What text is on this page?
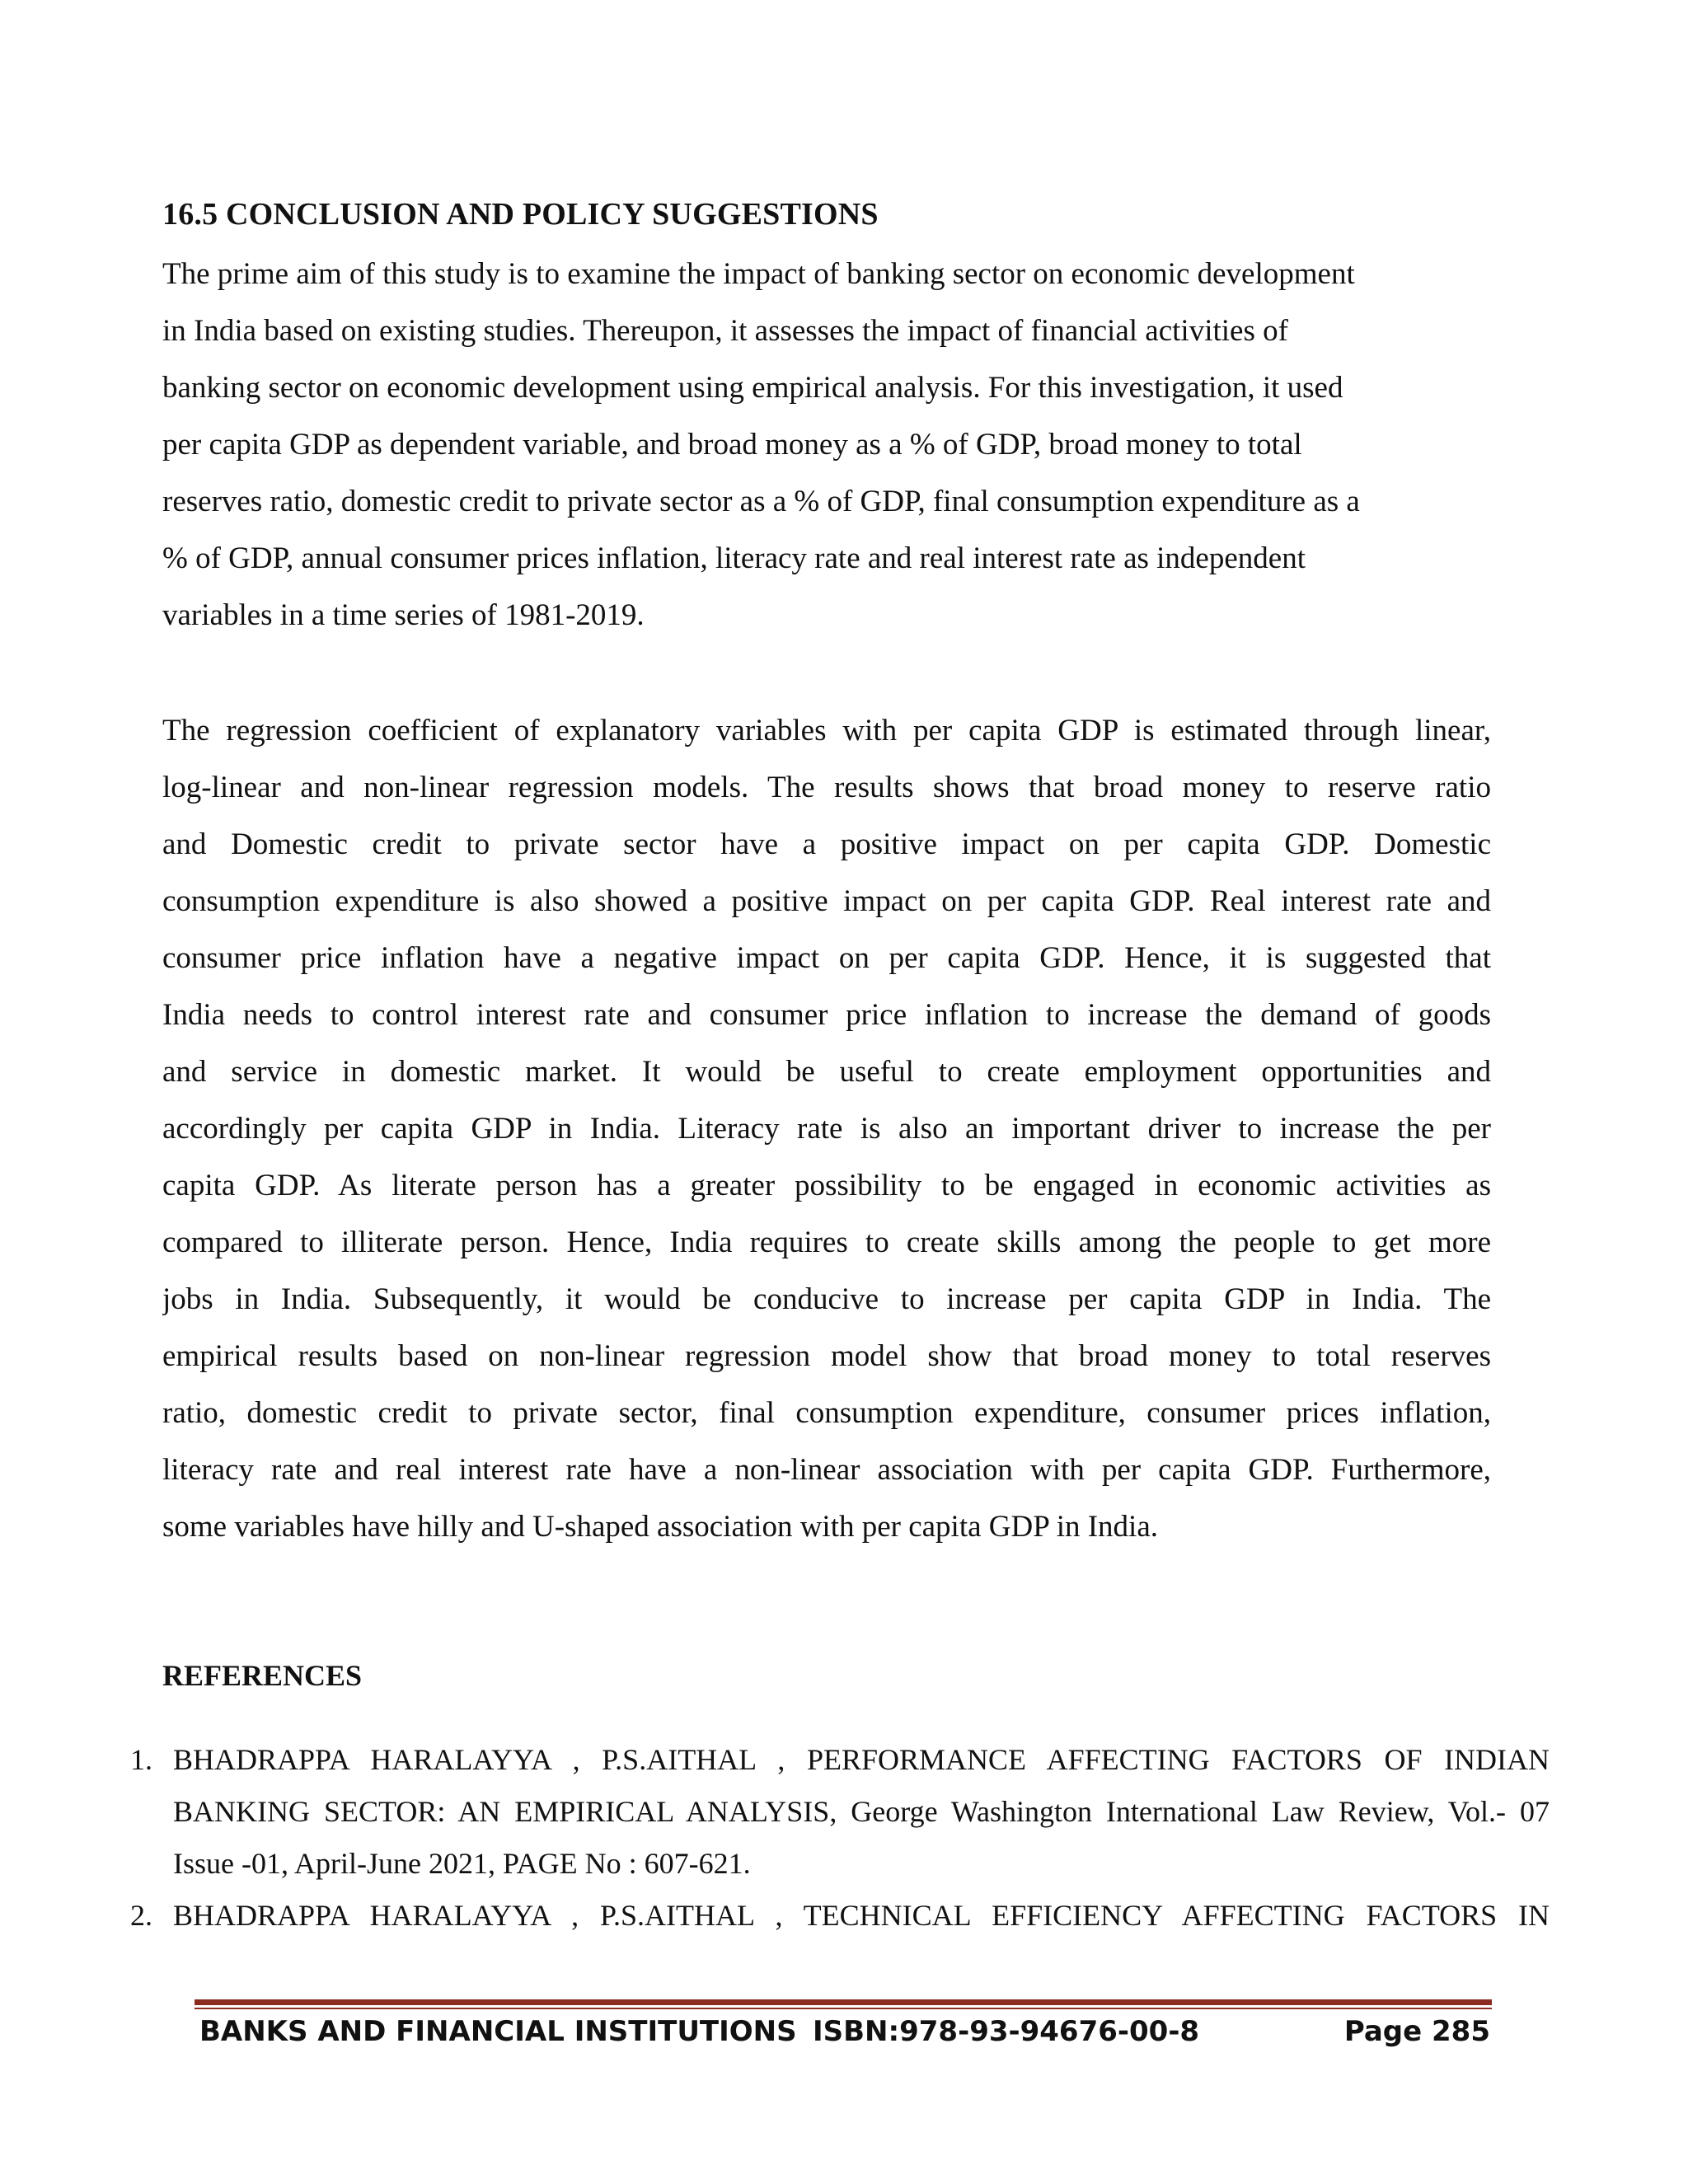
16.5 CONCLUSION AND POLICY SUGGESTIONS

The prime aim of this study is to examine the impact of banking sector on economic development
in India based on existing studies. Thereupon, it assesses the impact of financial activities of
banking sector on economic development using empirical analysis. For this investigation, it used
per capita GDP as dependent variable, and broad money as a % of GDP, broad money to total
reserves ratio, domestic credit to private sector as a % of GDP, final consumption expenditure as a
% of GDP, annual consumer prices inflation, literacy rate and real interest rate as independent
variables in a time series of 1981-2019.

The regression coefficient of explanatory variables with per capita GDP is estimated through linear,
log-linear and non-linear regression models. The results shows that broad money to reserve ratio
and Domestic credit to private sector have a positive impact on per capita GDP. Domestic
consumption expenditure is also showed a positive impact on per capita GDP. Real interest rate and
consumer price inflation have a negative impact on per capita GDP. Hence, it is suggested that
India needs to control interest rate and consumer price inflation to increase the demand of goods
and service in domestic market. It would be useful to create employment opportunities and
accordingly per capita GDP in India. Literacy rate is also an important driver to increase the per
capita GDP. As literate person has a greater possibility to be engaged in economic activities as
compared to illiterate person. Hence, India requires to create skills among the people to get more
jobs in India. Subsequently, it would be conducive to increase per capita GDP in India. The
empirical results based on non-linear regression model show that broad money to total reserves
ratio, domestic credit to private sector, final consumption expenditure, consumer prices inflation,
literacy rate and real interest rate have a non-linear association with per capita GDP. Furthermore,
some variables have hilly and U-shaped association with per capita GDP in India.

REFERENCES
1. BHADRAPPA HARALAYYA , P.S.AITHAL , PERFORMANCE AFFECTING FACTORS OF INDIAN
BANKING SECTOR: AN EMPIRICAL ANALYSIS, George Washington International Law Review, Vol.- 07
Issue -01, April-June 2021, PAGE No : 607-621.
2. BHADRAPPA HARALAYYA , P.S.AITHAL , TECHNICAL EFFICIENCY AFFECTING FACTORS IN
BANKS AND FINANCIAL INSTITUTIONS ISBN:978-93-94676-00-8	Page 285
